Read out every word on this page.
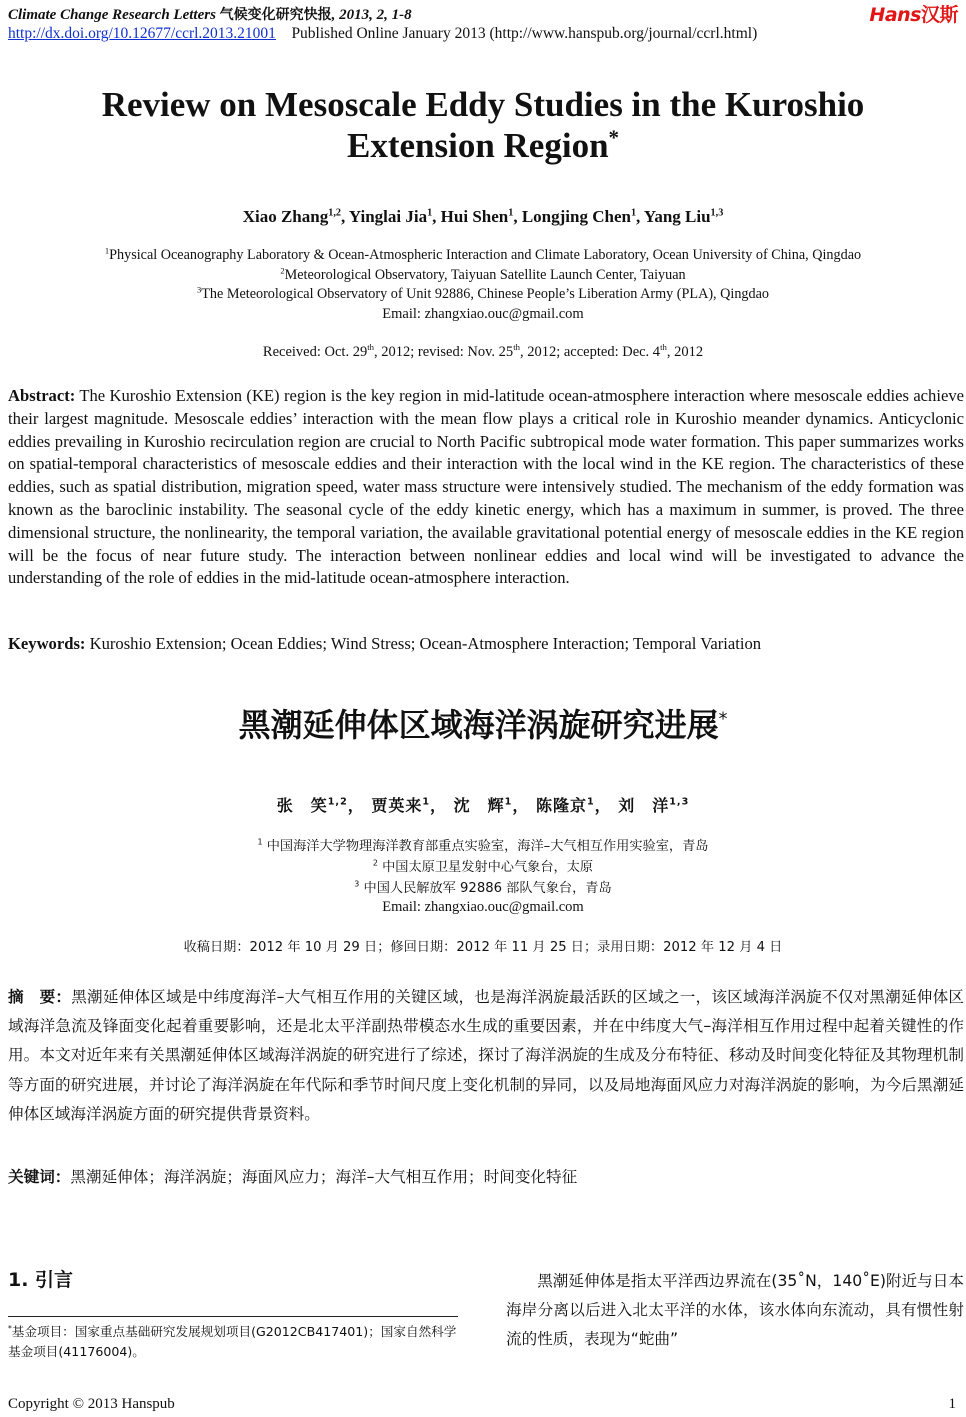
Climate Change Research Letters 气候变化研究快报, 2013, 2, 1-8	Hans汉斯
http://dx.doi.org/10.12677/ccrl.2013.21001 Published Online January 2013 (http://www.hanspub.org/journal/ccrl.html)
Review on Mesoscale Eddy Studies in the Kuroshio
Extension Region*
Xiao Zhang$^{1,2}$, Yinglai Jia$^1$, Hui Shen$^1$, Longjing Chen$^1$, Yang Liu$^{1,3}$
$^1$Physical Oceanography Laboratory & Ocean-Atmospheric Interaction and Climate Laboratory, Ocean University of China, Qingdao
$^2$Meteorological Observatory, Taiyuan Satellite Launch Center, Taiyuan
$^3$The Meteorological Observatory of Unit 92886, Chinese People’s Liberation Army (PLA), Qingdao
Email: zhangxiao.ouc@gmail.com
Received: Oct. 29th, 2012; revised: Nov. 25th, 2012; accepted: Dec. 4th, 2012
Abstract: The Kuroshio Extension (KE) region is the key region in mid-latitude ocean-atmosphere interaction where mesoscale eddies achieve their largest magnitude. Mesoscale eddies’ interaction with the mean flow plays a critical role in Kuroshio meander dynamics. Anticyclonic eddies prevailing in Kuroshio recirculation region are crucial to North Pacific subtropical mode water formation. This paper summarizes works on spatial-temporal characteristics of mesoscale eddies and their interaction with the local wind in the KE region. The characteristics of these eddies, such as spatial distribution, migration speed, water mass structure were intensively studied. The mechanism of the eddy formation was known as the baroclinic instability. The seasonal cycle of the eddy kinetic energy, which has a maximum in summer, is proved. The three dimensional structure, the nonlinearity, the temporal variation, the available gravitational potential energy of mesoscale eddies in the KE region will be the focus of near future study. The interaction between nonlinear eddies and local wind will be investigated to advance the understanding of the role of eddies in the mid-latitude ocean-atmosphere interaction.
Keywords: Kuroshio Extension; Ocean Eddies; Wind Stress; Ocean-Atmosphere Interaction; Temporal Variation
黑潮延伸体区域海洋涡旋研究进展*
张　笑$^{1,2}$， 贾英来$^1$， 沈　辉$^1$， 陈隆京$^1$， 刘　洋$^{1,3}$
$^1$ 中国海洋大学物理海洋教育部重点实验室，海洋–大气相互作用实验室，青岛
$^2$ 中国太原卫星发射中心气象台，太原
$^3$ 中国人民解放军 92886 部队气象台，青岛
Email: zhangxiao.ouc@gmail.com
收稿日期：2012 年 10 月 29 日；修回日期：2012 年 11 月 25 日；录用日期：2012 年 12 月 4 日
摘　要：黑潮延伸体区域是中纬度海洋–大气相互作用的关键区域，也是海洋涡旋最活跃的区域之一，该区域海洋涡旋不仅对黑潮延伸体区域海洋急流及锋面变化起着重要影响，还是北太平洋副热带模态水生成的重要因素，并在中纬度大气–海洋相互作用过程中起着关键性的作用。本文对近年来有关黑潮延伸体区域海洋涡旋的研究进行了综述，探讨了海洋涡旋的生成及分布特征、移动及时间变化特征及其物理机制等方面的研究进展，并讨论了海洋涡旋在年代际和季节时间尺度上变化机制的异同，以及局地海面风应力对海洋涡旋的影响，为今后黑潮延伸体区域海洋涡旋方面的研究提供背景资料。
关键词：黑潮延伸体；海洋涡旋；海面风应力；海洋–大气相互作用；时间变化特征
1. 引言
*基金项目：国家重点基础研究发展规划项目(G2012CB417401)；国家自然科学基金项目(41176004)。
黑潮延伸体是指太平洋西边界流在(35˚N，140˚E)附近与日本海岸分离以后进入北太平洋的水体，该水体向东流动，具有惯性射流的性质，表现为“蛇曲”
Copyright © 2013 Hanspub	1
